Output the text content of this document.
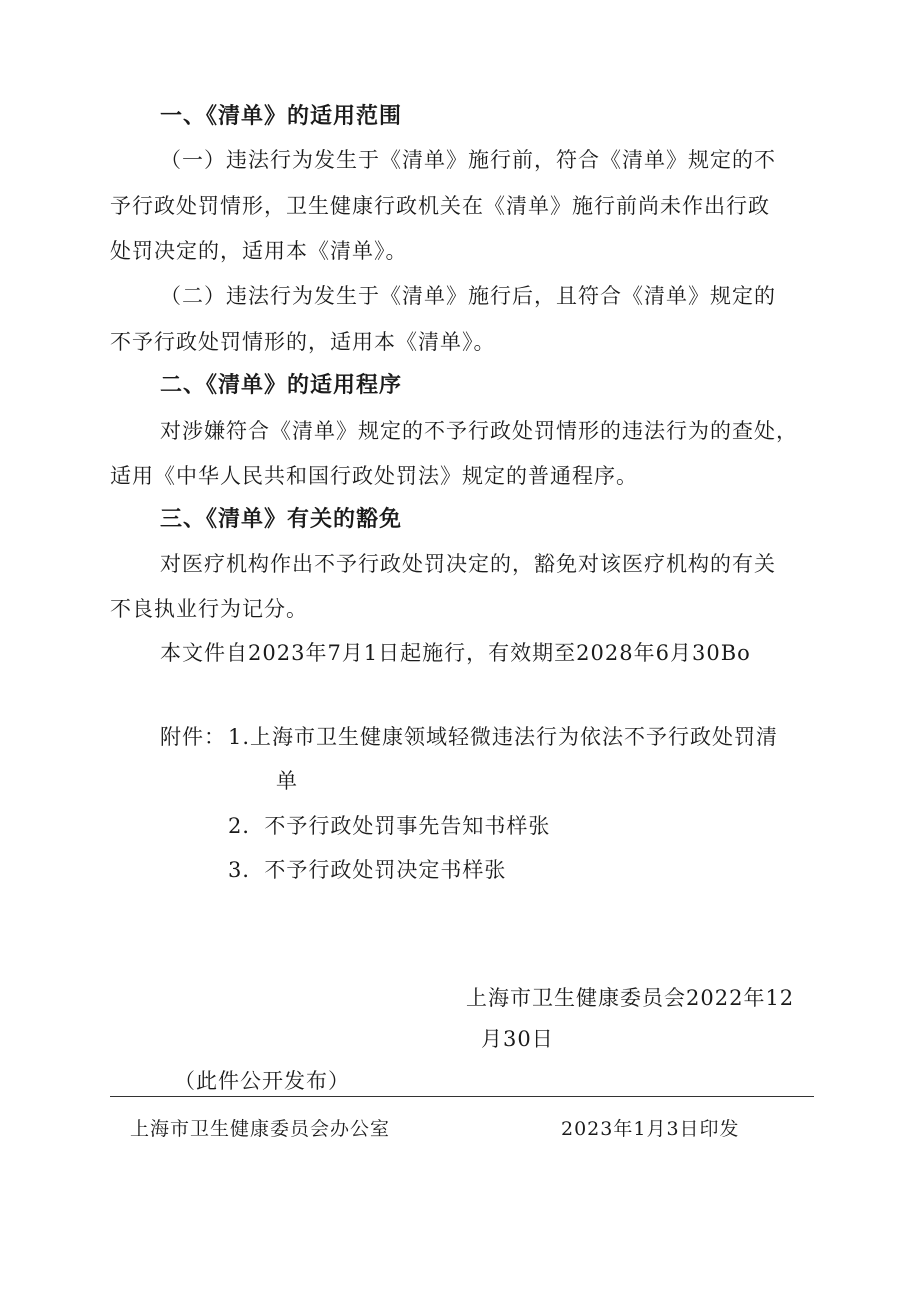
一、《清单》的适用范围
（一）违法行为发生于《清单》施行前，符合《清单》规定的不
予行政处罚情形，卫生健康行政机关在《清单》施行前尚未作出行政
处罚决定的，适用本《清单》。
（二）违法行为发生于《清单》施行后，且符合《清单》规定的
不予行政处罚情形的，适用本《清单》。
二、《清单》的适用程序
对涉嫌符合《清单》规定的不予行政处罚情形的违法行为的查处，
适用《中华人民共和国行政处罚法》规定的普通程序。
三、《清单》有关的豁免
对医疗机构作出不予行政处罚决定的，豁免对该医疗机构的有关
不良执业行为记分。
本文件自2023年7月1日起施行，有效期至2028年6月30Bo
附件： 1.上海市卫生健康领域轻微违法行为依法不予行政处罚清
单
2．不予行政处罚事先告知书样张
3．不予行政处罚决定书样张
上海市卫生健康委员会2022年12
月30日
（此件公开发布）
上海市卫生健康委员会办公室	2023年1月3日印发
